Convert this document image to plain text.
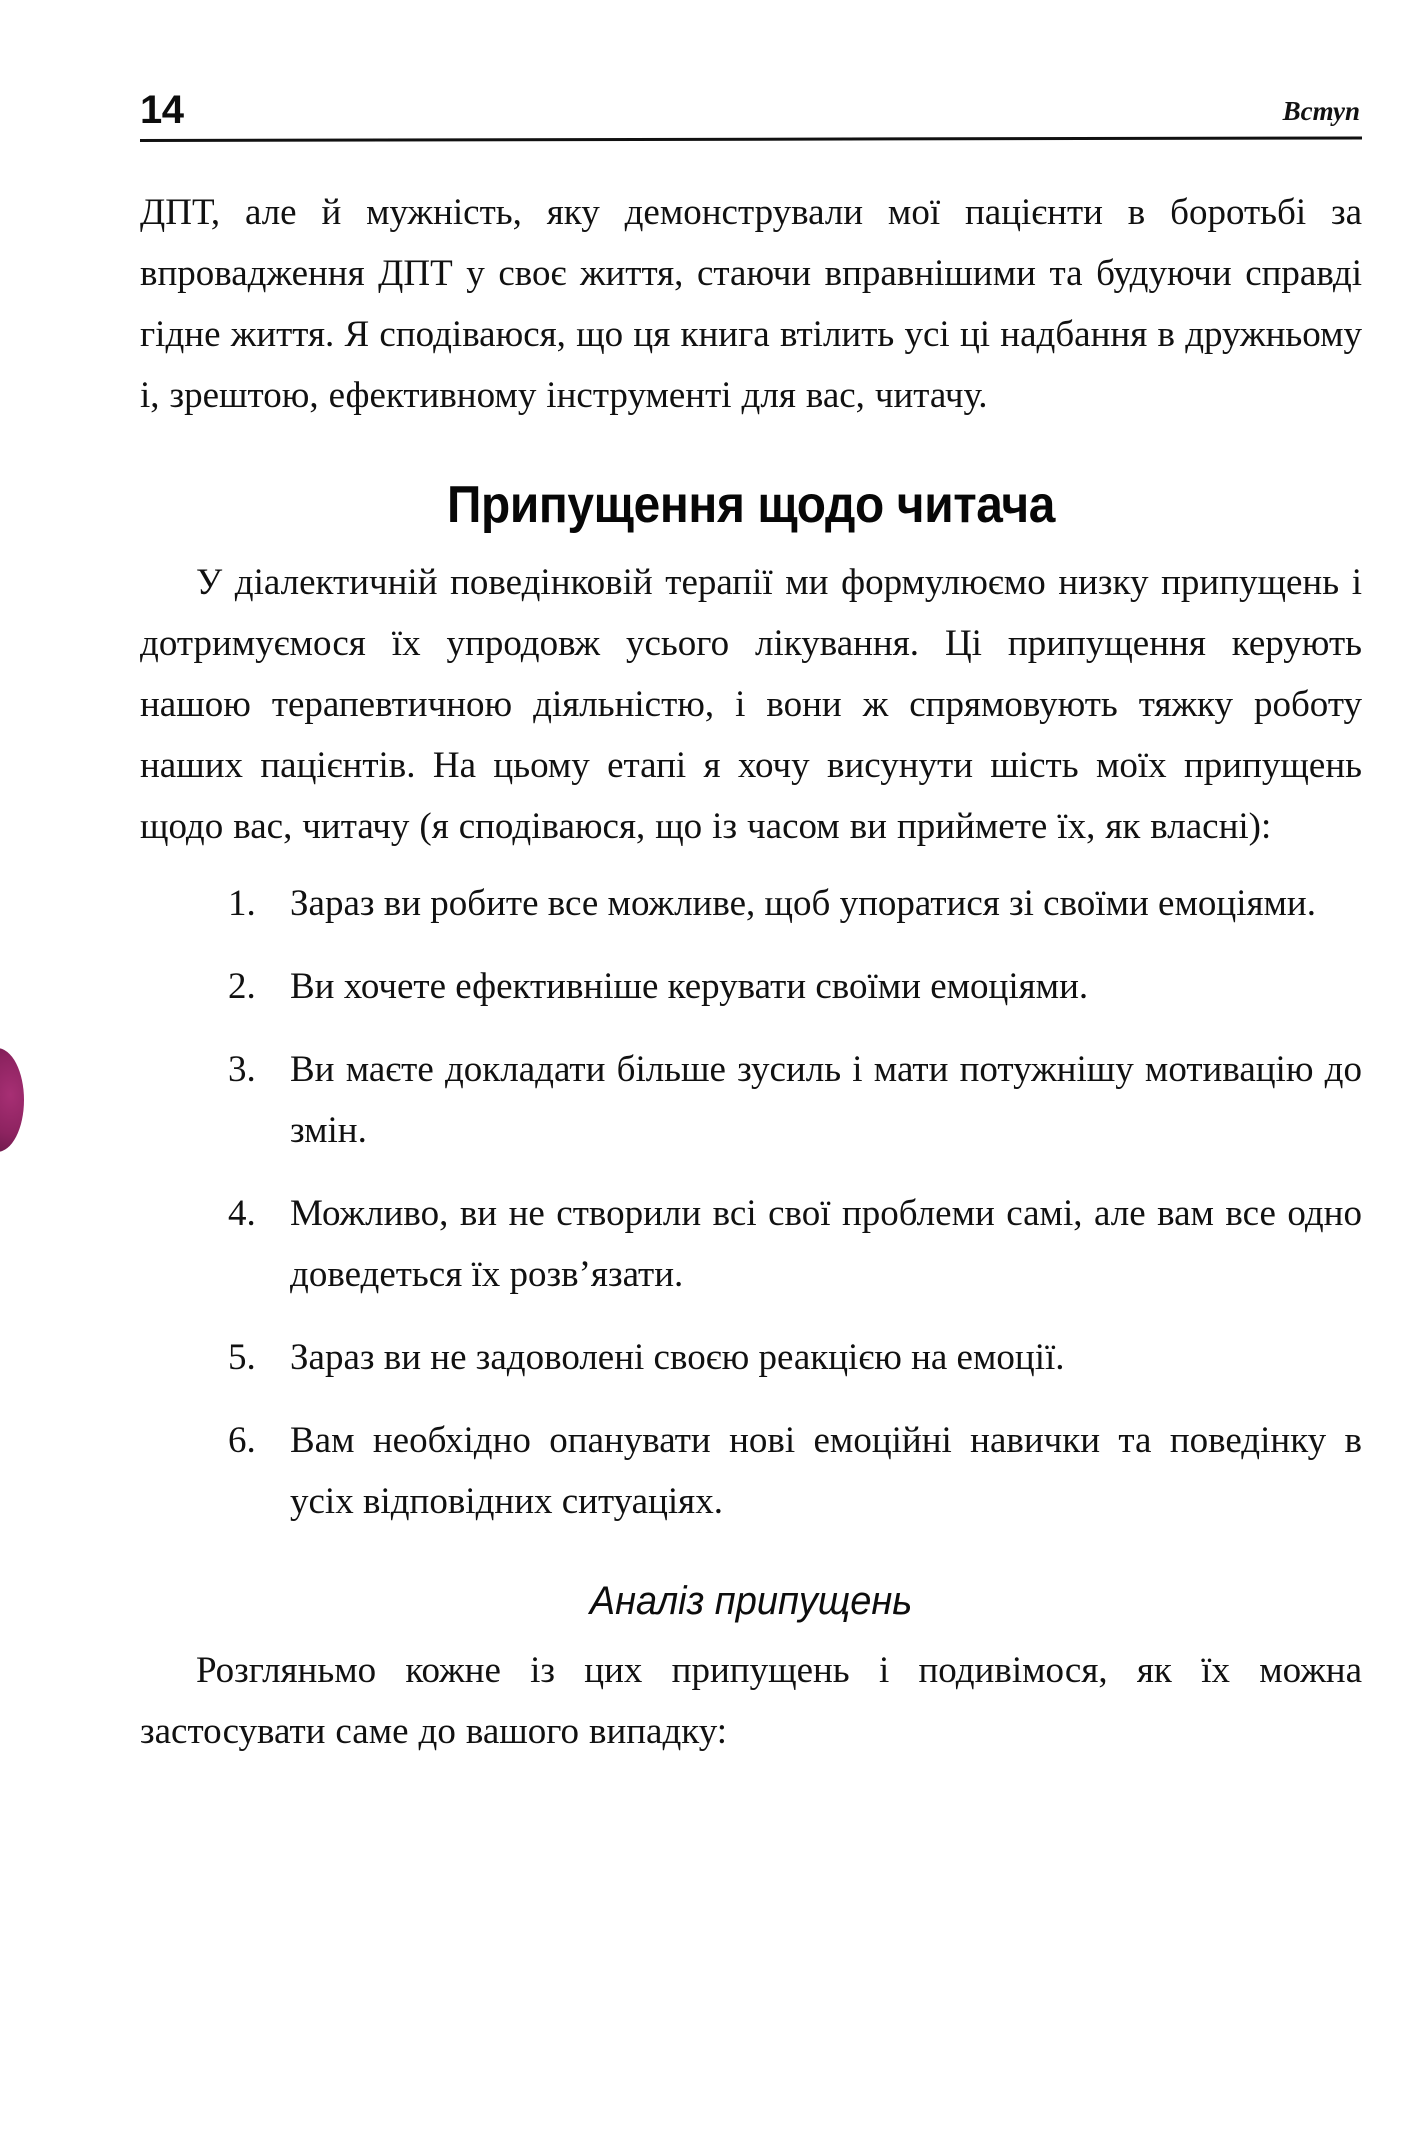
14	Вступ

ДПТ, але й мужність, яку демонстрували мої пацієнти в боротьбі за впровадження ДПТ у своє життя, стаючи вправнішими та будуючи справді гідне життя. Я сподіваюся, що ця книга втілить усі ці надбання в дружньому і, зрештою, ефективному інструменті для вас, читачу.

Припущення щодо читача

У діалектичній поведінковій терапії ми формулюємо низку припущень і дотримуємося їх упродовж усього лікування. Ці припущення керують нашою терапевтичною діяльністю, і вони ж спрямовують тяжку роботу наших пацієнтів. На цьому етапі я хочу висунути шість моїх припущень щодо вас, читачу (я сподіваюся, що із часом ви приймете їх, як власні):

Зараз ви робите все можливе, щоб упоратися зі своїми емоціями.
Ви хочете ефективніше керувати своїми емоціями.
Ви маєте докладати більше зусиль і мати потужнішу мотивацію до змін.
Можливо, ви не створили всі свої проблеми самі, але вам все одно доведеться їх розв’язати.
Зараз ви не задоволені своєю реакцією на емоції.
Вам необхідно опанувати нові емоційні навички та поведінку в усіх відповідних ситуаціях.
Аналіз припущень

Розгляньмо кожне із цих припущень і подивімося, як їх можна застосувати саме до вашого випадку:
